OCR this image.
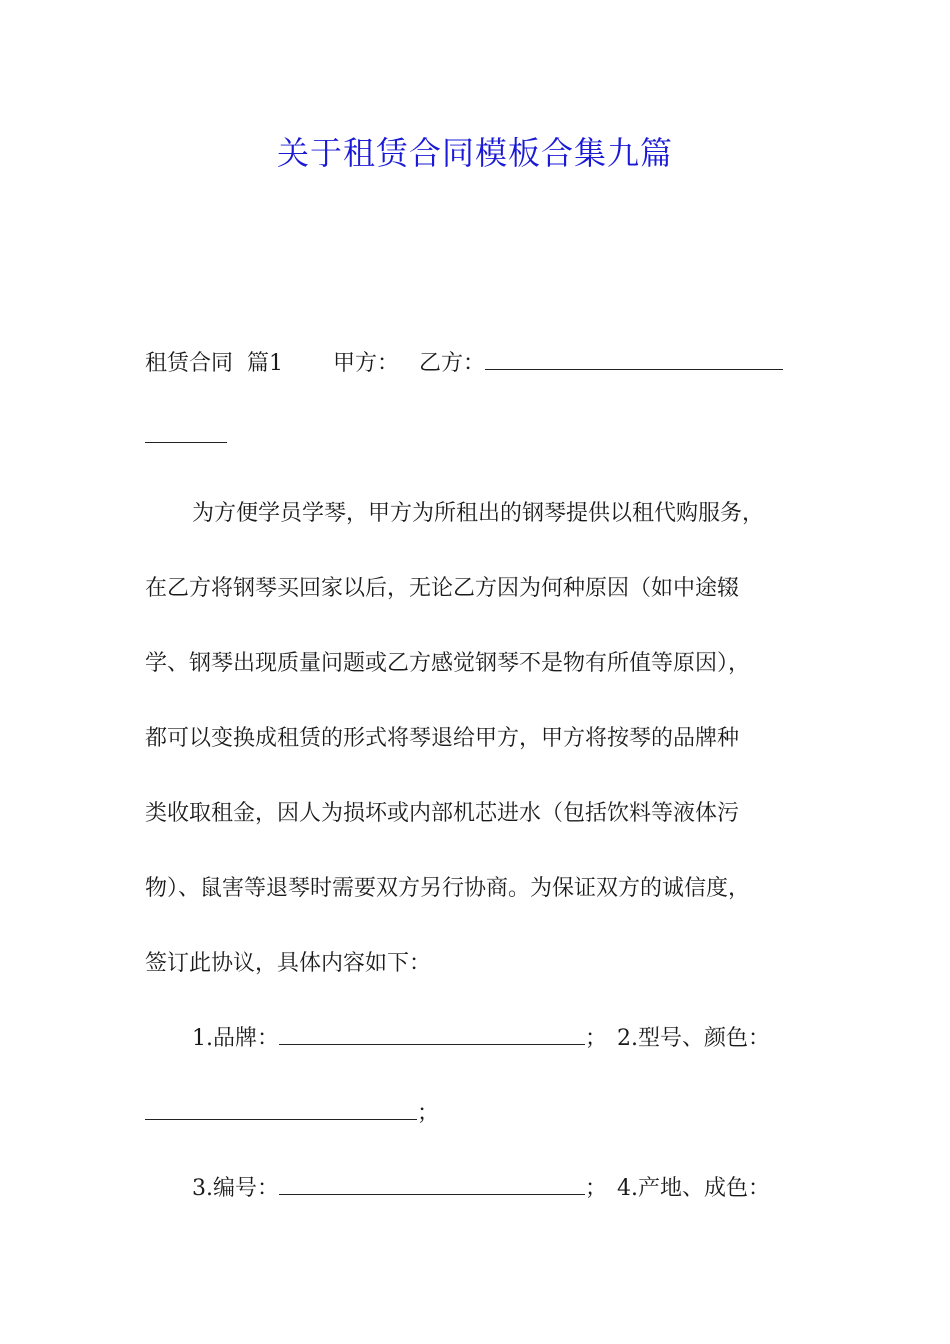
关于租赁合同模板合集九篇
租赁合同 篇1 甲方： 乙方：
为方便学员学琴，甲方为所租出的钢琴提供以租代购服务，
在乙方将钢琴买回家以后，无论乙方因为何种原因（如中途辍
学、钢琴出现质量问题或乙方感觉钢琴不是物有所值等原因），
都可以变换成租赁的形式将琴退给甲方，甲方将按琴的品牌种
类收取租金，因人为损坏或内部机芯进水（包括饮料等液体污
物）、鼠害等退琴时需要双方另行协商。为保证双方的诚信度，
签订此协议，具体内容如下：
1.品牌：	； 2.型号、颜色：
；
3.编号：	； 4.产地、成色：
